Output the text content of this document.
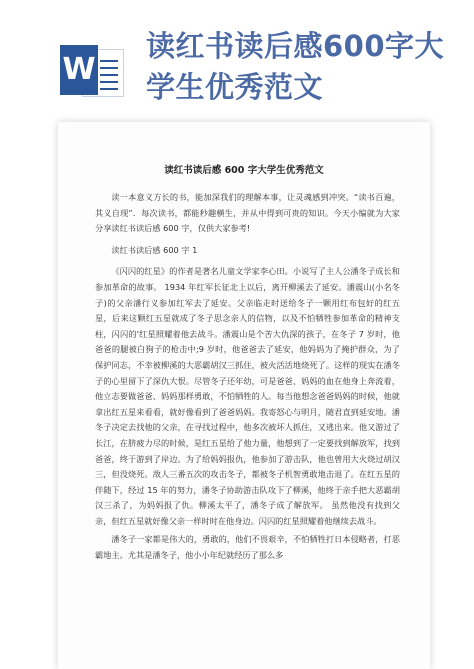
W
读红书读后感600字大学生优秀范文
读红书读后感 600 字大学生优秀范文

读一本意义方长的书，能加深我们的理解本事，让灵魂感到冲突。“读书百遍，其义自现”．每次读书，都能秒趣横生，并从中得到可贵的知识。今天小编就为大家分享读红书读后感 600 字，仅供大家参考!

读红书读后感 600 字 1

《闪闪的红星》的作者是著名儿童文学家李心田。小说写了主人公潘冬子成长和参加革命的故事。 1934 年红军长征北上以后，离开柳溪去了延安。潘震山(小名冬子)的父亲潘行义参加红军去了延安。父亲临走时送给冬子一颗用红布包好的红五星，后来这颗红五星就成了冬子思念亲人的信物，以及不怕牺牲参加革命的精神支柱，闪闪的'红星照耀着他去战斗。潘震山是个苦大仇深的孩子，在冬子 7 岁时，他爸爸的腿被白狗子的枪击中;9 岁时，他爸爸去了延安，他妈妈为了掩护群众，为了保护同志，不幸被柳溪的大恶霸胡汉三抓住，被火活活地烧死了。这样的现实在潘冬子的心里留下了深仇大恨。尽管冬子还年幼，可是爸爸、妈妈的血在他身上奔流着，他立志要做爸爸、妈妈那样勇敢，不怕牺牲的人。每当他想念爸爸妈妈的时候，他就拿出红五星来看看，就好像看到了爸爸妈妈。我寄怒心与明月，随君直到延安地。潘冬子决定去找他的父亲，在寻找过程中，他多次被坏人抓住，又逃出来。他又游过了长江，在脐疲力尽的时候，是红五星给了他力量，他想到了一定要找到解放军，找到爸爸，终于游到了岸边。为了给妈妈报仇，他参加了游击队，他也曾用大火烧过胡汉三，但没烧死。敌人三番五次的攻击冬子，都被冬子机智勇敢地击退了。在红五星的伴随下，经过 15 年的努力，潘冬子协助游击队攻下了柳溪，他终于亲手把大恶霸胡汉三杀了，为妈妈报了仇。柳溪太平了，潘冬子成了解放军。 虽然他没有找到父亲，但红五星就好像父亲一样时时在他身边。闪闪的红星照耀着他继续去战斗。

潘冬子一家都是伟大的，勇敢的，他们不畏艰辛，不怕牺牲打日本侵略者，打恶霸地主。尤其是潘冬子，他小小年纪就经历了那么多
